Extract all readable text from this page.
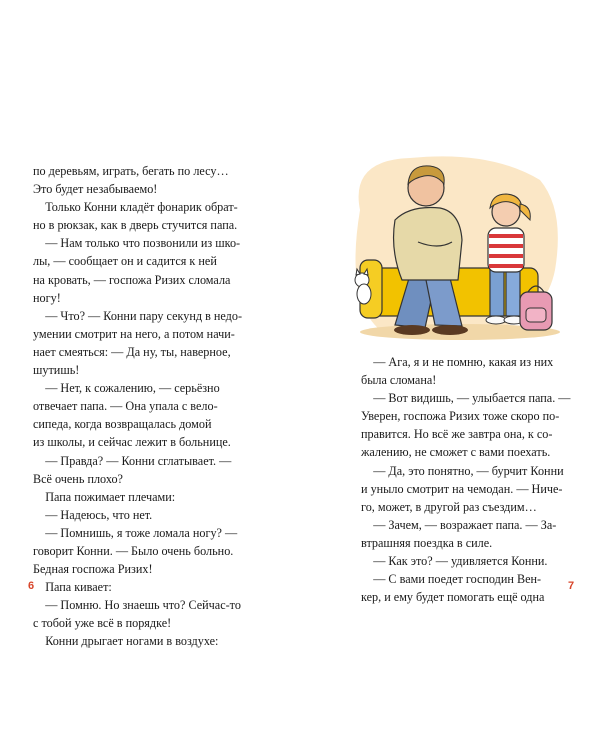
по деревьям, играть, бегать по лесу…
Это будет незабываемо!
 Только Конни кладёт фонарик обрат-
но в рюкзак, как в дверь стучится папа.
 — Нам только что позвонили из шко-
лы, — сообщает он и садится к ней
на кровать, — госпожа Ризих сломала
ногу!
 — Что? — Конни пару секунд в недо-
умении смотрит на него, а потом начи-
нает смеяться: — Да ну, ты, наверное,
шутишь!
 — Нет, к сожалению, — серьёзно
отвечает папа. — Она упала с вело-
сипеда, когда возвращалась домой
из школы, и сейчас лежит в больнице.
 — Правда? — Конни сглатывает. —
Всё очень плохо?
 Папа пожимает плечами:
 — Надеюсь, что нет.
 — Помнишь, я тоже ломала ногу? —
говорит Конни. — Было очень больно.
Бедная госпожа Ризих!
 Папа кивает:
 — Помню. Но знаешь что? Сейчас-то
с тобой уже всё в порядке!
 Конни дрыгает ногами в воздухе:
6
 — Ага, я и не помню, какая из них
была сломана!
 — Вот видишь, — улыбается папа. —
Уверен, госпожа Ризих тоже скоро по-
правится. Но всё же завтра она, к со-
жалению, не сможет с вами поехать.
 — Да, это понятно, — бурчит Конни
и уныло смотрит на чемодан. — Ниче-
го, может, в другой раз съездим…
 — Зачем, — возражает папа. — За-
втрашняя поездка в силе.
 — Как это? — удивляется Конни.
 — С вами поедет господин Вен-
кер, и ему будет помогать ещё одна
7
